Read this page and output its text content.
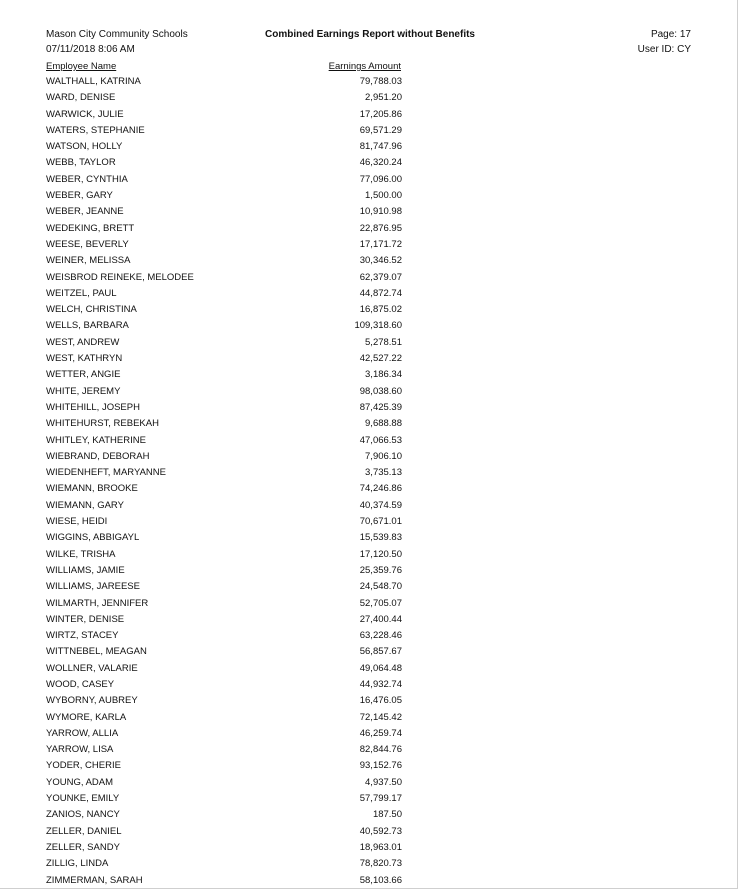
Mason City Community Schools
07/11/2018 8:06 AM
Combined Earnings Report without Benefits	Page: 17
User ID: CY
Employee Name	Earnings Amount
WALTHALL, KATRINA	79,788.03
WARD, DENISE	2,951.20
WARWICK, JULIE	17,205.86
WATERS, STEPHANIE	69,571.29
WATSON, HOLLY	81,747.96
WEBB, TAYLOR	46,320.24
WEBER, CYNTHIA	77,096.00
WEBER, GARY	1,500.00
WEBER, JEANNE	10,910.98
WEDEKING, BRETT	22,876.95
WEESE, BEVERLY	17,171.72
WEINER, MELISSA	30,346.52
WEISBROD REINEKE, MELODEE	62,379.07
WEITZEL, PAUL	44,872.74
WELCH, CHRISTINA	16,875.02
WELLS, BARBARA	109,318.60
WEST, ANDREW	5,278.51
WEST, KATHRYN	42,527.22
WETTER, ANGIE	3,186.34
WHITE, JEREMY	98,038.60
WHITEHILL, JOSEPH	87,425.39
WHITEHURST, REBEKAH	9,688.88
WHITLEY, KATHERINE	47,066.53
WIEBRAND, DEBORAH	7,906.10
WIEDENHEFT, MARYANNE	3,735.13
WIEMANN, BROOKE	74,246.86
WIEMANN, GARY	40,374.59
WIESE, HEIDI	70,671.01
WIGGINS, ABBIGAYL	15,539.83
WILKE, TRISHA	17,120.50
WILLIAMS, JAMIE	25,359.76
WILLIAMS, JAREESE	24,548.70
WILMARTH, JENNIFER	52,705.07
WINTER, DENISE	27,400.44
WIRTZ, STACEY	63,228.46
WITTNEBEL, MEAGAN	56,857.67
WOLLNER, VALARIE	49,064.48
WOOD, CASEY	44,932.74
WYBORNY, AUBREY	16,476.05
WYMORE, KARLA	72,145.42
YARROW, ALLIA	46,259.74
YARROW, LISA	82,844.76
YODER, CHERIE	93,152.76
YOUNG, ADAM	4,937.50
YOUNKE, EMILY	57,799.17
ZANIOS, NANCY	187.50
ZELLER, DANIEL	40,592.73
ZELLER, SANDY	18,963.01
ZILLIG, LINDA	78,820.73
ZIMMERMAN, SARAH	58,103.66
